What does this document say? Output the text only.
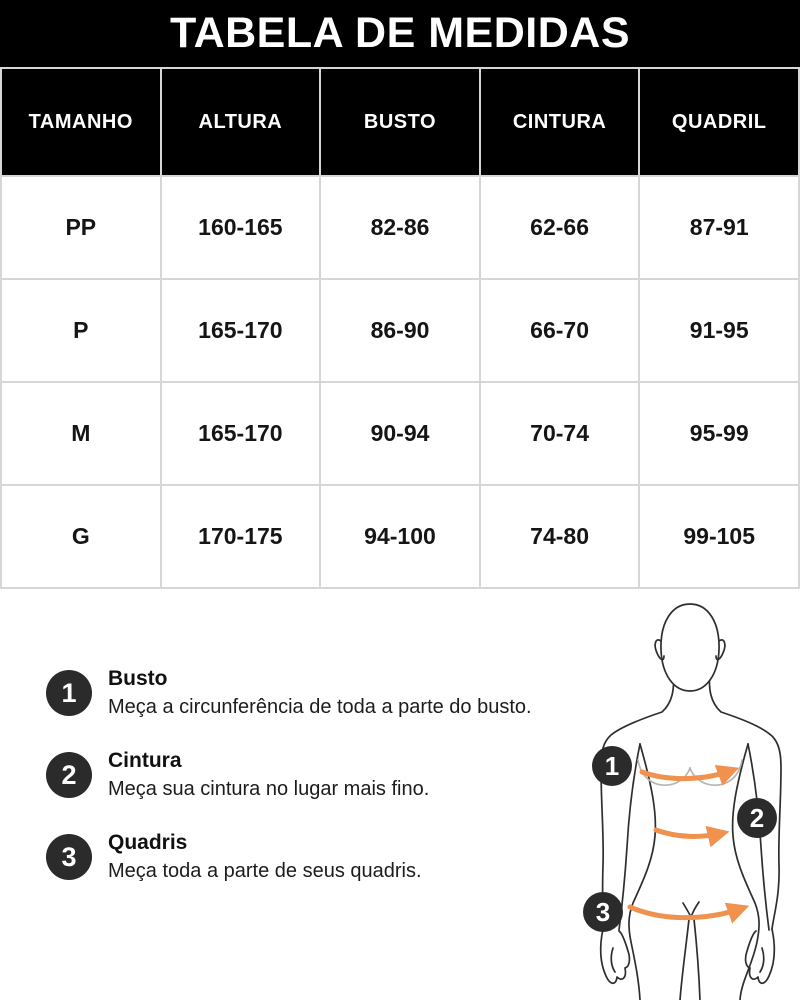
TABELA DE MEDIDAS
TAMANHO	ALTURA	BUSTO	CINTURA	QUADRIL
PP	160-165	82-86	62-66	87-91
P	165-170	86-90	66-70	91-95
M	165-170	90-94	70-74	95-99
G	170-175	94-100	74-80	99-105
1	Busto

Meça a circunferência de toda a parte do busto.

2	Cintura

Meça sua cintura no lugar mais fino.

3	Quadris

Meça toda a parte de seus quadris.

1
2
3
